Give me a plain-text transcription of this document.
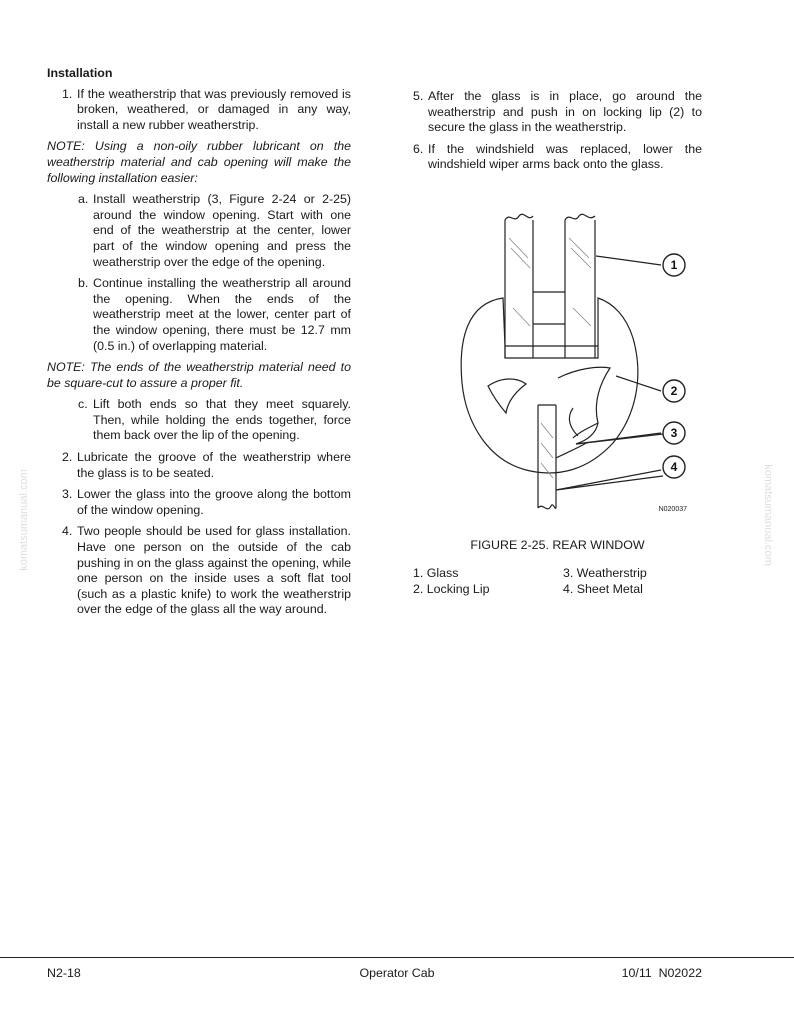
Installation
1. If the weatherstrip that was previously removed is broken, weathered, or damaged in any way, install a new rubber weatherstrip.
NOTE: Using a non-oily rubber lubricant on the weatherstrip material and cab opening will make the following installation easier:
a. Install weatherstrip (3, Figure 2-24 or 2-25) around the window opening. Start with one end of the weatherstrip at the center, lower part of the window opening and press the weatherstrip over the edge of the opening.
b. Continue installing the weatherstrip all around the opening. When the ends of the weatherstrip meet at the lower, center part of the window opening, there must be 12.7 mm (0.5 in.) of overlapping material.
NOTE: The ends of the weatherstrip material need to be square-cut to assure a proper fit.
c. Lift both ends so that they meet squarely. Then, while holding the ends together, force them back over the lip of the opening.
2. Lubricate the groove of the weatherstrip where the glass is to be seated.
3. Lower the glass into the groove along the bottom of the window opening.
4. Two people should be used for glass installation. Have one person on the outside of the cab pushing in on the glass against the opening, while one person on the inside uses a soft flat tool (such as a plastic knife) to work the weatherstrip over the edge of the glass all the way around.
5. After the glass is in place, go around the weatherstrip and push in on locking lip (2) to secure the glass in the weatherstrip.
6. If the windshield was replaced, lower the windshield wiper arms back onto the glass.
1
2
3
4
N020037
FIGURE 2-25. REAR WINDOW
1. Glass	3. Weatherstrip
2. Locking Lip	4. Sheet Metal
komatsumanual.com	komatsumanual.com
N2-18	Operator Cab	10/11  N02022
